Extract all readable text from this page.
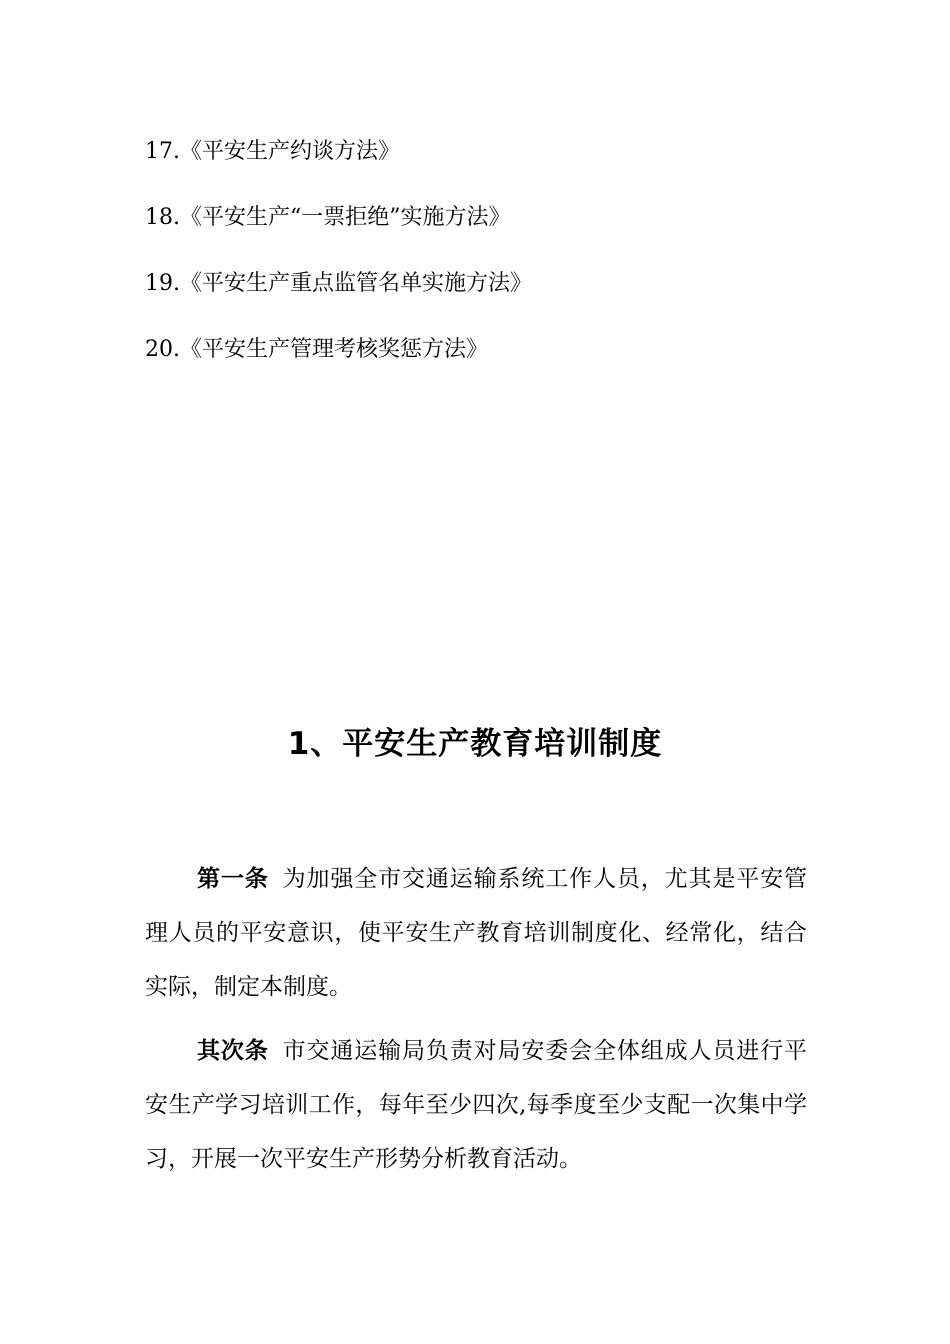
17.《平安生产约谈方法》
18.《平安生产“一票拒绝”实施方法》
19.《平安生产重点监管名单实施方法》
20.《平安生产管理考核奖惩方法》
1、平安生产教育培训制度

第一条 为加强全市交通运输系统工作人员，尤其是平安管理人员的平安意识，使平安生产教育培训制度化、经常化，结合实际，制定本制度。

其次条 市交通运输局负责对局安委会全体组成人员进行平安生产学习培训工作，每年至少四次,每季度至少支配一次集中学习，开展一次平安生产形势分析教育活动。
